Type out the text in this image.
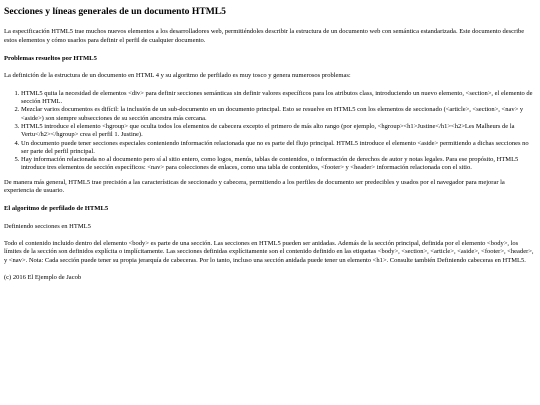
Secciones y líneas generales de un documento HTML5

La especificación HTML5 trae muchos nuevos elementos a los desarrolladores web, permitiéndoles describir la estructura de un documento web con semántica estandarizada. Este documento describe estos elementos y cómo usarlos para definir el perfil de cualquier documento.

Problemas resueltos por HTML5

La definición de la estructura de un documento en HTML 4 y su algoritmo de perfilado es muy tosco y genera numerosos problemas:

1. HTML5 quita la necesidad de elementos <div> para definir secciones semánticas sin definir valores específicos para los atributos class, introduciendo un nuevo elemento, <section>, el elemento de sección HTML.
2. Mezclar varios documentos es difícil: la inclusión de un sub-documento en un documento principal. Esto se resuelve en HTML5 con los elementos de seccionado (<article>, <section>, <nav> y <aside>) son siempre subsecciones de su sección ancestra más cercana.
3. HTML5 introduce el elemento <hgroup> que oculta todos los elementos de cabecera excepto el primero de más alto rango (por ejemplo, <hgroup><h1>Justine</h1><h2>Les Malheurs de la Vertu</h2></hgroup> crea el perfil 1. Justine).
4. Un documento puede tener secciones especiales conteniendo información relacionada que no es parte del flujo principal. HTML5 introduce el elemento <aside> permitiendo a dichas secciones no ser parte del perfil principal.
5. Hay información relacionada no al documento pero sí al sitio entero, como logos, menús, tablas de contenidos, o información de derechos de autor y notas legales. Para ese propósito, HTML5 introduce tres elementos de sección específicos: <nav> para colecciones de enlaces, como una tabla de contenidos, <footer> y <header> información relacionada con el sitio.

De manera más general, HTML5 trae precisión a las características de seccionado y cabecera, permitiendo a los perfiles de documento ser predecibles y usados por el navegador para mejorar la experiencia de usuario.

El algoritmo de perfilado de HTML5

Definiendo secciones en HTML5

Todo el contenido incluido dentro del elemento <body> es parte de una sección. Las secciones en HTML5 pueden ser anidadas. Además de la sección principal, definida por el elemento <body>, los límites de la sección son definidos explícita o implícitamente. Las secciones definidas explícitamente son el contenido definido en las etiquetas <body>, <section>, <article>, <aside>, <footer>, <header>, y <nav>. Nota: Cada sección puede tener su propia jerarquía de cabeceras. Por lo tanto, incluso una sección anidada puede tener un elemento <h1>. Consulte también Definiendo cabeceras en HTML5.

(c) 2016 El Ejemplo de Jacob
